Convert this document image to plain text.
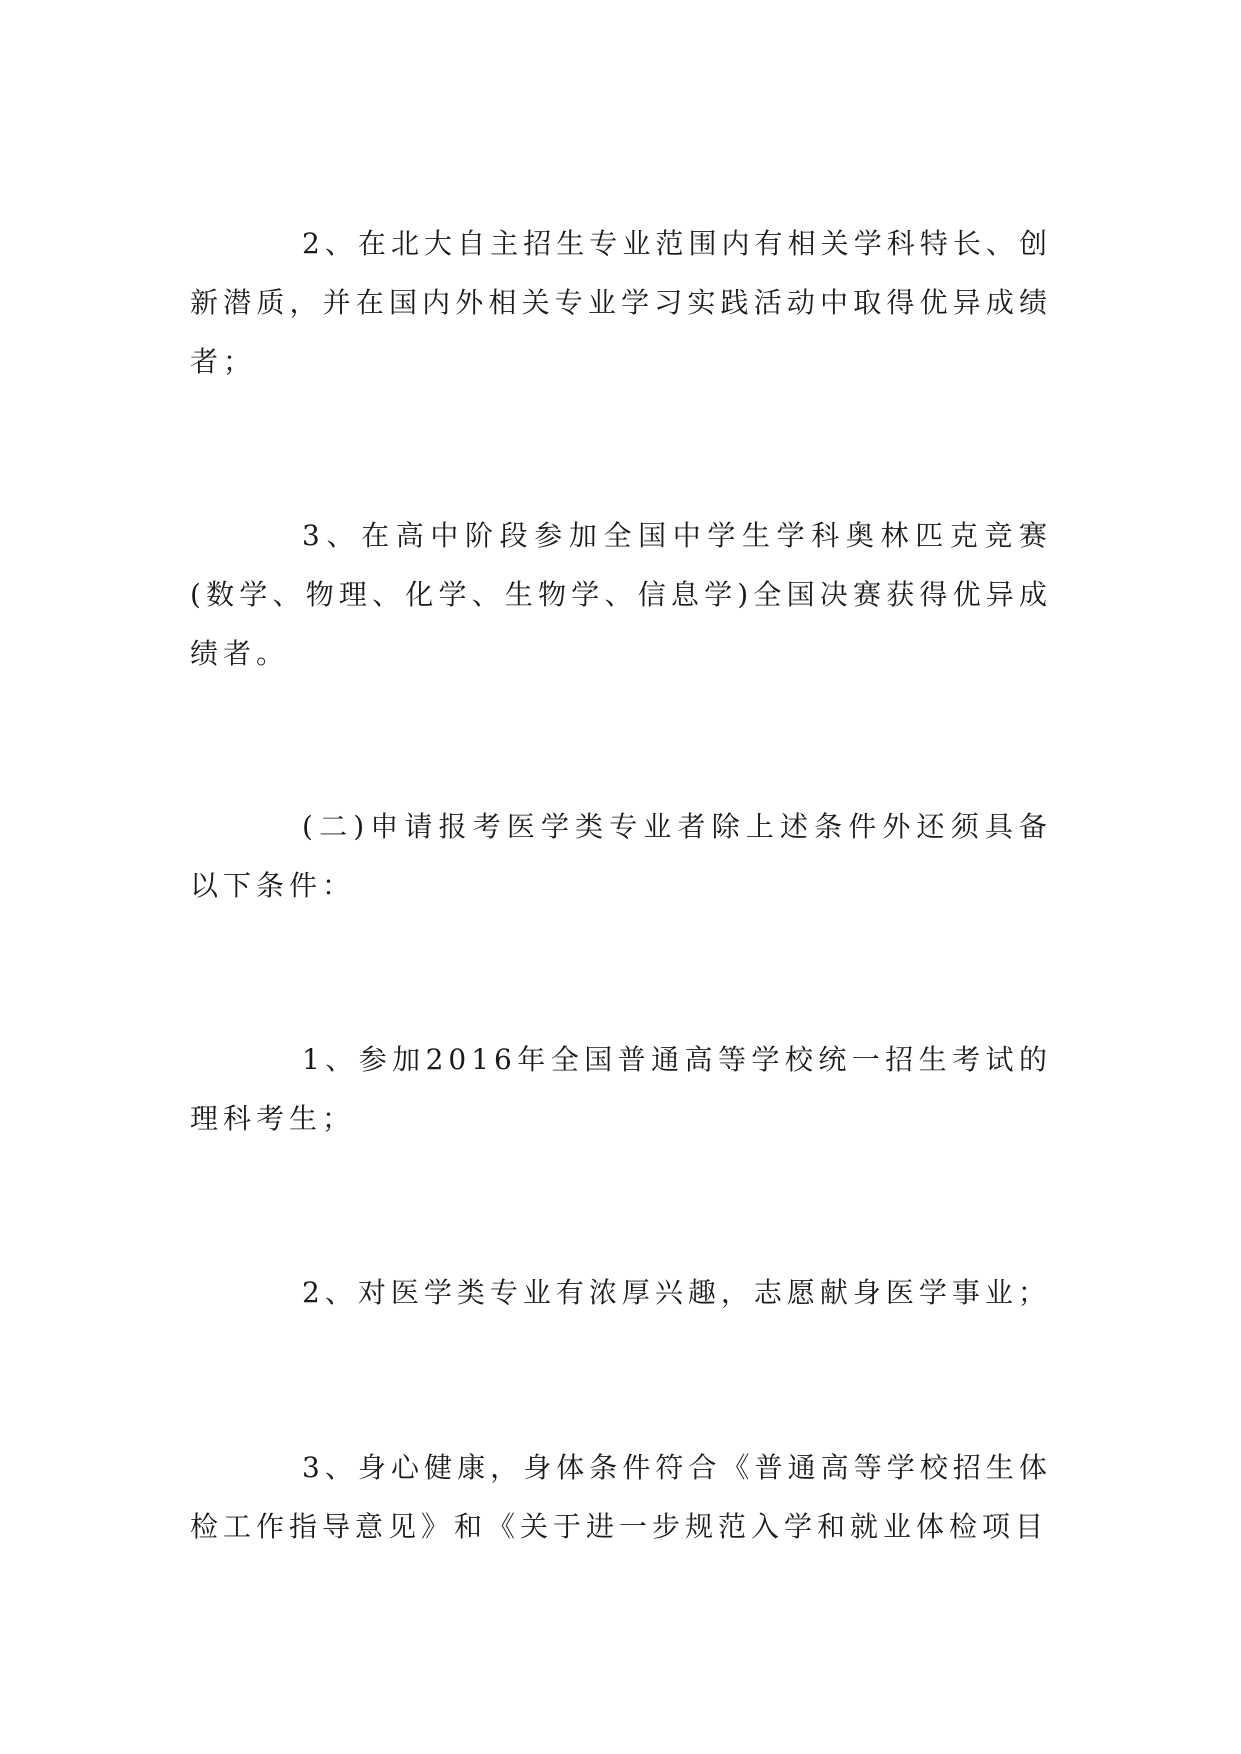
2、在北大自主招生专业范围内有相关学科特长、创新潜质，并在国内外相关专业学习实践活动中取得优异成绩者；

3、在高中阶段参加全国中学生学科奥林匹克竞赛(数学、物理、化学、生物学、信息学)全国决赛获得优异成绩者。

(二)申请报考医学类专业者除上述条件外还须具备以下条件：

1、参加2016年全国普通高等学校统一招生考试的理科考生；

2、对医学类专业有浓厚兴趣，志愿献身医学事业；

3、身心健康，身体条件符合《普通高等学校招生体检工作指导意见》和《关于进一步规范入学和就业体检项目
